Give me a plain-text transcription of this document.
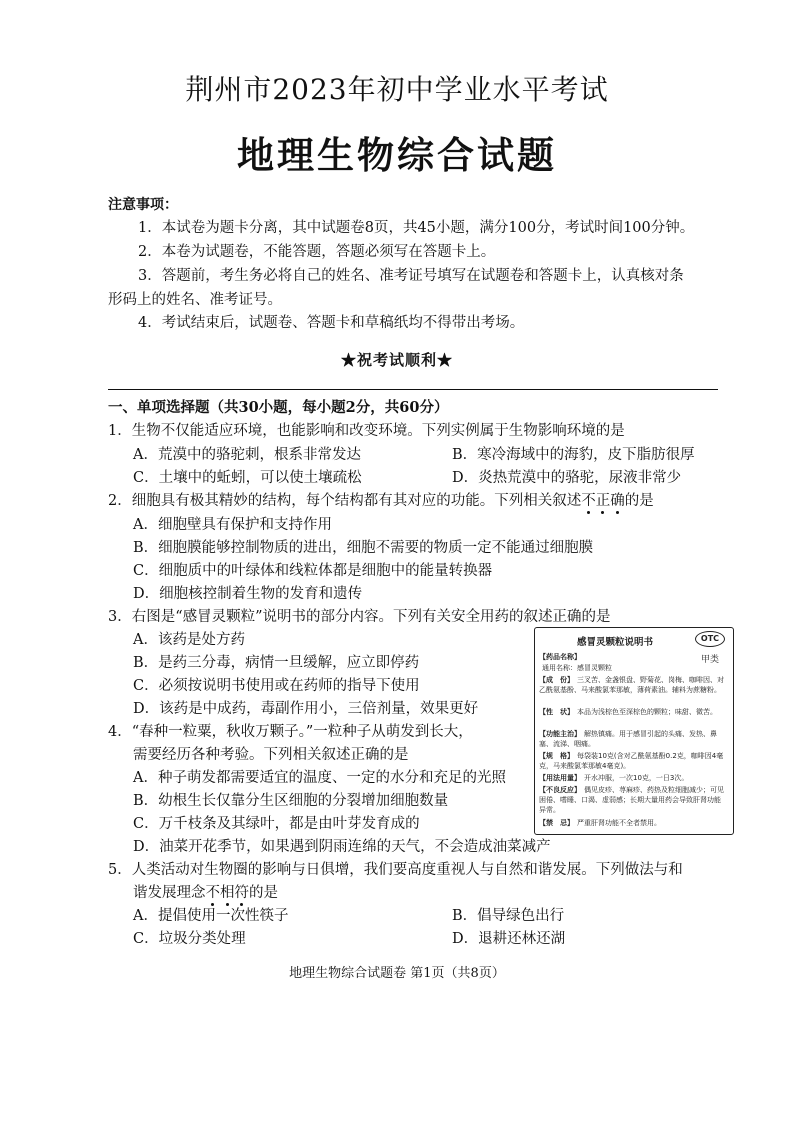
荆州市2023年初中学业水平考试
地理生物综合试题
注意事项：
1．本试卷为题卡分离，其中试题卷8页，共45小题，满分100分，考试时间100分钟。
2．本卷为试题卷，不能答题，答题必须写在答题卡上。
3．答题前，考生务必将自己的姓名、准考证号填写在试题卷和答题卡上，认真核对条
形码上的姓名、准考证号。
4．考试结束后，试题卷、答题卡和草稿纸均不得带出考场。
★祝考试顺利★
一、单项选择题（共30小题，每小题2分，共60分）
1．生物不仅能适应环境，也能影响和改变环境。下列实例属于生物影响环境的是
A．荒漠中的骆驼刺，根系非常发达	B．寒冷海域中的海豹，皮下脂肪很厚
C．土壤中的蚯蚓，可以使土壤疏松	D．炎热荒漠中的骆驼，尿液非常少
2．细胞具有极其精妙的结构，每个结构都有其对应的功能。下列相关叙述不正确的是
A．细胞壁具有保护和支持作用
B．细胞膜能够控制物质的进出，细胞不需要的物质一定不能通过细胞膜
C．细胞质中的叶绿体和线粒体都是细胞中的能量转换器
D．细胞核控制着生物的发育和遗传
3．右图是“感冒灵颗粒”说明书的部分内容。下列有关安全用药的叙述正确的是
A．该药是处方药
B．是药三分毒，病情一旦缓解，应立即停药
C．必须按说明书使用或在药师的指导下使用
D．该药是中成药，毒副作用小，三倍剂量，效果更好
4．“春种一粒粟，秋收万颗子。”一粒种子从萌发到长大，
需要经历各种考验。下列相关叙述正确的是
A．种子萌发都需要适宜的温度、一定的水分和充足的光照
B．幼根生长仅靠分生区细胞的分裂增加细胞数量
C．万千枝条及其绿叶，都是由叶芽发育成的
D．油菜开花季节，如果遇到阴雨连绵的天气，不会造成油菜减产
5．人类活动对生物圈的影响与日俱增，我们要高度重视人与自然和谐发展。下列做法与和
谐发展理念不相符的是
A．提倡使用一次性筷子	B．倡导绿色出行
C．垃圾分类处理	D．退耕还林还湖
感冒灵颗粒说明书	OTC
甲类
【药品名称】
通用名称：感冒灵颗粒
【成　份】 三叉苦、金盏银盘、野菊花、岗梅、咖啡因、对乙酰氨基酚、马来酸氯苯那敏，薄荷素油。辅料为蔗糖粉。
【性　状】 本品为浅棕色至深棕色的颗粒；味甜、微苦。
【功能主治】 解热镇痛。用于感冒引起的头痛、发热、鼻塞、流涕、咽痛。
【规　格】 每袋装10克(含对乙酰氨基酚0.2克，咖啡因4毫克，马来酸氯苯那敏4毫克)。
【用法用量】 开水冲服，一次10克，一日3次。
【不良反应】 偶见皮疹、荨麻疹、药热及粒细胞减少；可见困倦、嗜睡、口渴、虚弱感；长期大量用药会导致肝肾功能异常。
【禁　忌】 严重肝肾功能不全者禁用。
地理生物综合试题卷 第1页（共8页）
